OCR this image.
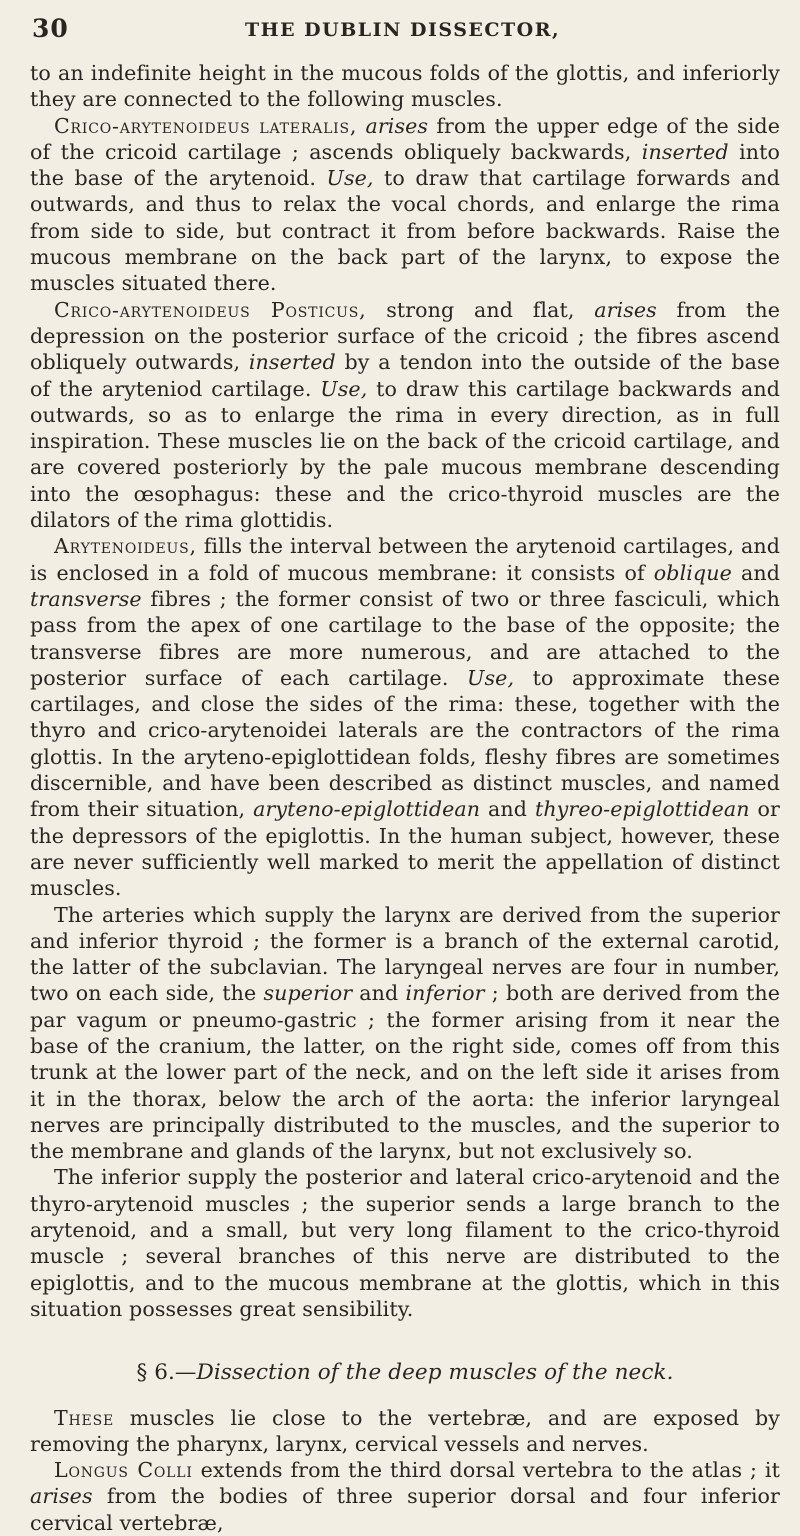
30	THE DUBLIN DISSECTOR,

to an indefinite height in the mucous folds of the glottis, and inferiorly they are connected to the following muscles.

Crico-arytenoideus lateralis, arises from the upper edge of the side of the cricoid cartilage ; ascends obliquely backwards, inserted into the base of the arytenoid. Use, to draw that cartilage forwards and outwards, and thus to relax the vocal chords, and enlarge the rima from side to side, but contract it from before backwards. Raise the mucous membrane on the back part of the larynx, to expose the muscles situated there.

Crico-arytenoideus Posticus, strong and flat, arises from the depression on the posterior surface of the cricoid ; the fibres ascend obliquely outwards, inserted by a tendon into the outside of the base of the aryteniod cartilage. Use, to draw this cartilage backwards and outwards, so as to enlarge the rima in every direction, as in full inspiration. These muscles lie on the back of the cricoid cartilage, and are covered posteriorly by the pale mucous membrane descending into the œsophagus: these and the crico-thyroid muscles are the dilators of the rima glottidis.

Arytenoideus, fills the interval between the arytenoid cartilages, and is enclosed in a fold of mucous membrane: it consists of oblique and transverse fibres ; the former consist of two or three fasciculi, which pass from the apex of one cartilage to the base of the opposite; the transverse fibres are more numerous, and are attached to the posterior surface of each cartilage. Use, to approximate these cartilages, and close the sides of the rima: these, together with the thyro and crico-arytenoidei laterals are the contractors of the rima glottis. In the aryteno-epiglottidean folds, fleshy fibres are sometimes discernible, and have been described as distinct muscles, and named from their situation, aryteno-epiglottidean and thyreo-epiglottidean or the depressors of the epiglottis. In the human subject, however, these are never sufficiently well marked to merit the appellation of distinct muscles.

The arteries which supply the larynx are derived from the superior and inferior thyroid ; the former is a branch of the external carotid, the latter of the subclavian. The laryngeal nerves are four in number, two on each side, the superior and inferior ; both are derived from the par vagum or pneumo-gastric ; the former arising from it near the base of the cranium, the latter, on the right side, comes off from this trunk at the lower part of the neck, and on the left side it arises from it in the thorax, below the arch of the aorta: the inferior laryngeal nerves are principally distributed to the muscles, and the superior to the membrane and glands of the larynx, but not exclusively so.

The inferior supply the posterior and lateral crico-arytenoid and the thyro-arytenoid muscles ; the superior sends a large branch to the arytenoid, and a small, but very long filament to the crico-thyroid muscle ; several branches of this nerve are distributed to the epiglottis, and to the mucous membrane at the glottis, which in this situation possesses great sensibility.

§ 6.—Dissection of the deep muscles of the neck.

These muscles lie close to the vertebræ, and are exposed by removing the pharynx, larynx, cervical vessels and nerves.

Longus Colli extends from the third dorsal vertebra to the atlas ; it arises from the bodies of three superior dorsal and four inferior cervical vertebræ,
